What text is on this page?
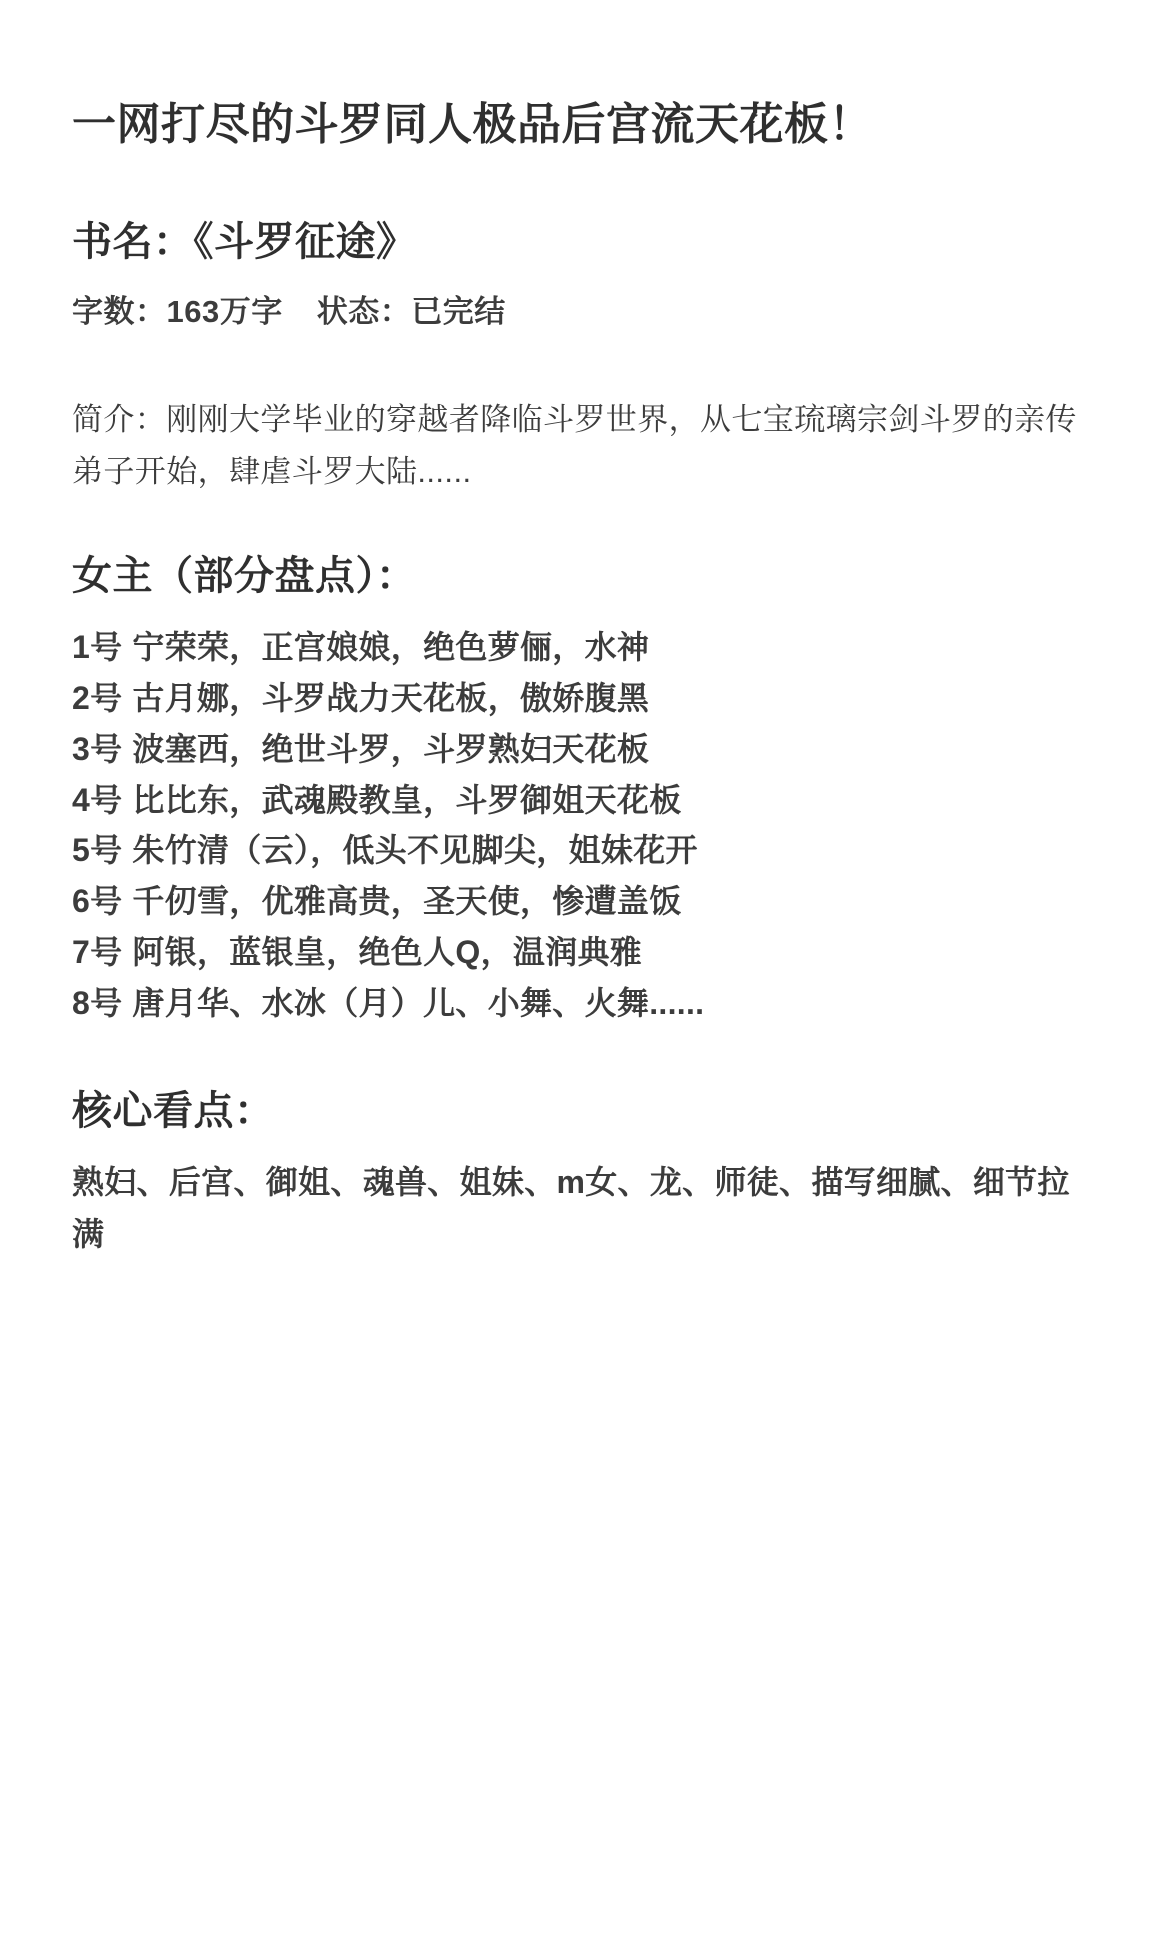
一网打尽的斗罗同人极品后宫流天花板！
书名：《斗罗征途》

字数：163万字 状态：已完结

简介：刚刚大学毕业的穿越者降临斗罗世界，从七宝琉璃宗剑斗罗的亲传弟子开始，肆虐斗罗大陆......

女主（部分盘点）：
1号 宁荣荣，正宫娘娘，绝色萝俪，水神
2号 古月娜，斗罗战力天花板，傲娇腹黑
3号 波塞西，绝世斗罗，斗罗熟妇天花板
4号 比比东，武魂殿教皇，斗罗御姐天花板
5号 朱竹清（云），低头不见脚尖，姐妹花开
6号 千仞雪，优雅高贵，圣天使，惨遭盖饭
7号 阿银，蓝银皇，绝色人Q，温润典雅
8号 唐月华、水冰（月）儿、小舞、火舞......
核心看点：

熟妇、后宫、御姐、魂兽、姐妹、m女、龙、师徒、描写细腻、细节拉满
